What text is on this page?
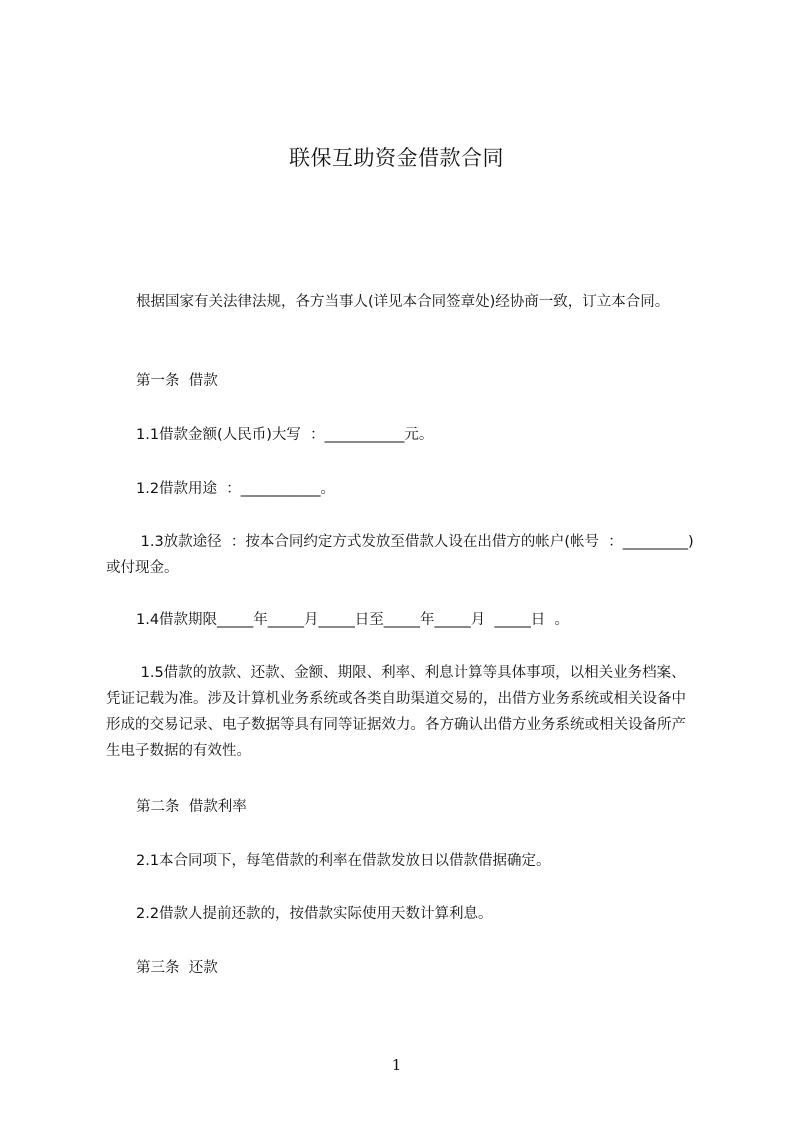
联保互助资金借款合同
根据国家有关法律法规，各方当事人(详见本合同签章处)经协商一致，订立本合同。
第一条  借款
1.1借款金额(人民币)大写  ：___________元。
1.2借款用途  ：___________。
1.3放款途径  ：按本合同约定方式发放至借款人设在出借方的帐户(帐号  ：_________)或付现金。
1.4借款期限_____年_____月_____日至_____年_____月  _____日  。
1.5借款的放款、还款、金额、期限、利率、利息计算等具体事项，以相关业务档案、凭证记载为准。涉及计算机业务系统或各类自助渠道交易的，出借方业务系统或相关设备中形成的交易记录、电子数据等具有同等证据效力。各方确认出借方业务系统或相关设备所产生电子数据的有效性。
第二条  借款利率
2.1本合同项下，每笔借款的利率在借款发放日以借款借据确定。
2.2借款人提前还款的，按借款实际使用天数计算利息。
第三条  还款
1
